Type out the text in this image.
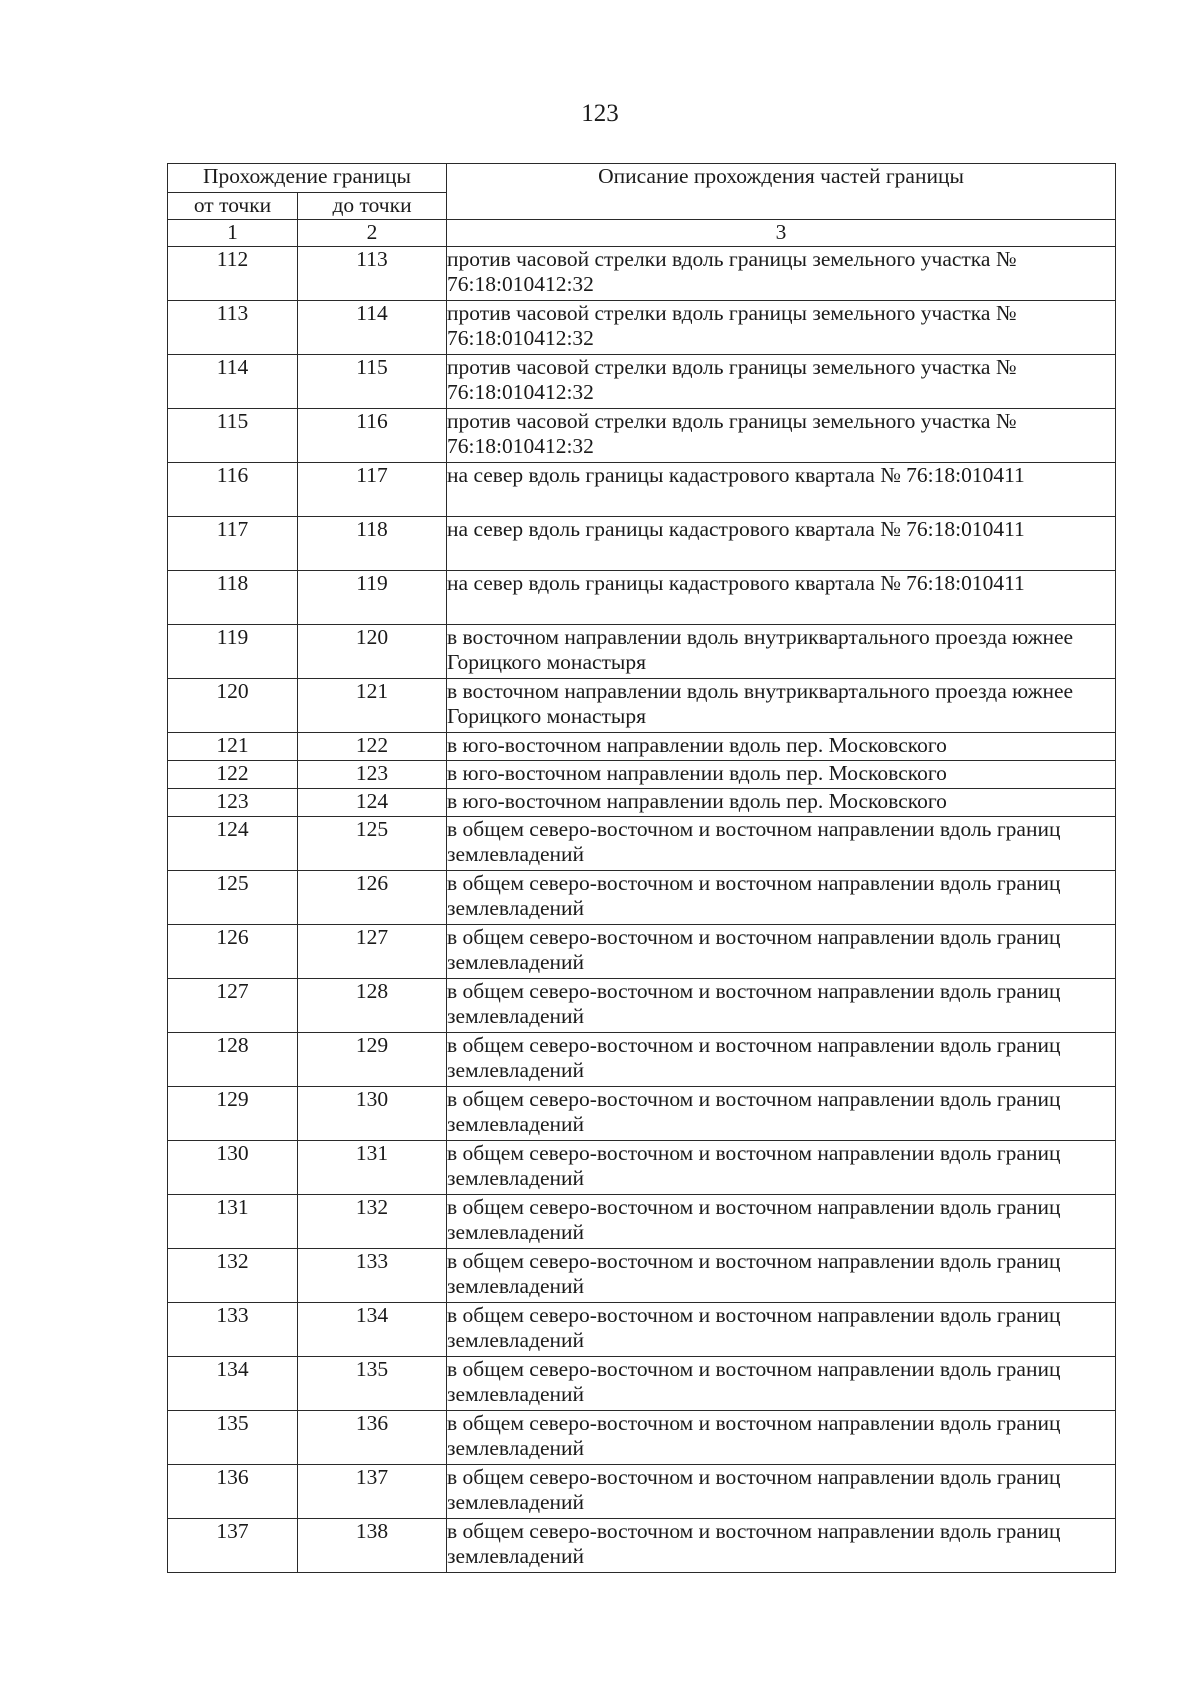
123
Прохождение границы		Описание прохождения частей границы
от точки	до точки	
1	2	3
112	113	против часовой стрелки вдоль границы земельного участка № 76:18:010412:32
113	114	против часовой стрелки вдоль границы земельного участка № 76:18:010412:32
114	115	против часовой стрелки вдоль границы земельного участка № 76:18:010412:32
115	116	против часовой стрелки вдоль границы земельного участка № 76:18:010412:32
116	117	на север вдоль границы кадастрового квартала № 76:18:010411
117	118	на север вдоль границы кадастрового квартала № 76:18:010411
118	119	на север вдоль границы кадастрового квартала № 76:18:010411
119	120	в восточном направлении вдоль внутриквартального проезда южнее Горицкого монастыря
120	121	в восточном направлении вдоль внутриквартального проезда южнее Горицкого монастыря
121	122	в юго-восточном направлении вдоль пер. Московского
122	123	в юго-восточном направлении вдоль пер. Московского
123	124	в юго-восточном направлении вдоль пер. Московского
124	125	в общем северо-восточном и восточном направлении вдоль границ землевладений
125	126	в общем северо-восточном и восточном направлении вдоль границ землевладений
126	127	в общем северо-восточном и восточном направлении вдоль границ землевладений
127	128	в общем северо-восточном и восточном направлении вдоль границ землевладений
128	129	в общем северо-восточном и восточном направлении вдоль границ землевладений
129	130	в общем северо-восточном и восточном направлении вдоль границ землевладений
130	131	в общем северо-восточном и восточном направлении вдоль границ землевладений
131	132	в общем северо-восточном и восточном направлении вдоль границ землевладений
132	133	в общем северо-восточном и восточном направлении вдоль границ землевладений
133	134	в общем северо-восточном и восточном направлении вдоль границ землевладений
134	135	в общем северо-восточном и восточном направлении вдоль границ землевладений
135	136	в общем северо-восточном и восточном направлении вдоль границ землевладений
136	137	в общем северо-восточном и восточном направлении вдоль границ землевладений
137	138	в общем северо-восточном и восточном направлении вдоль границ землевладений
